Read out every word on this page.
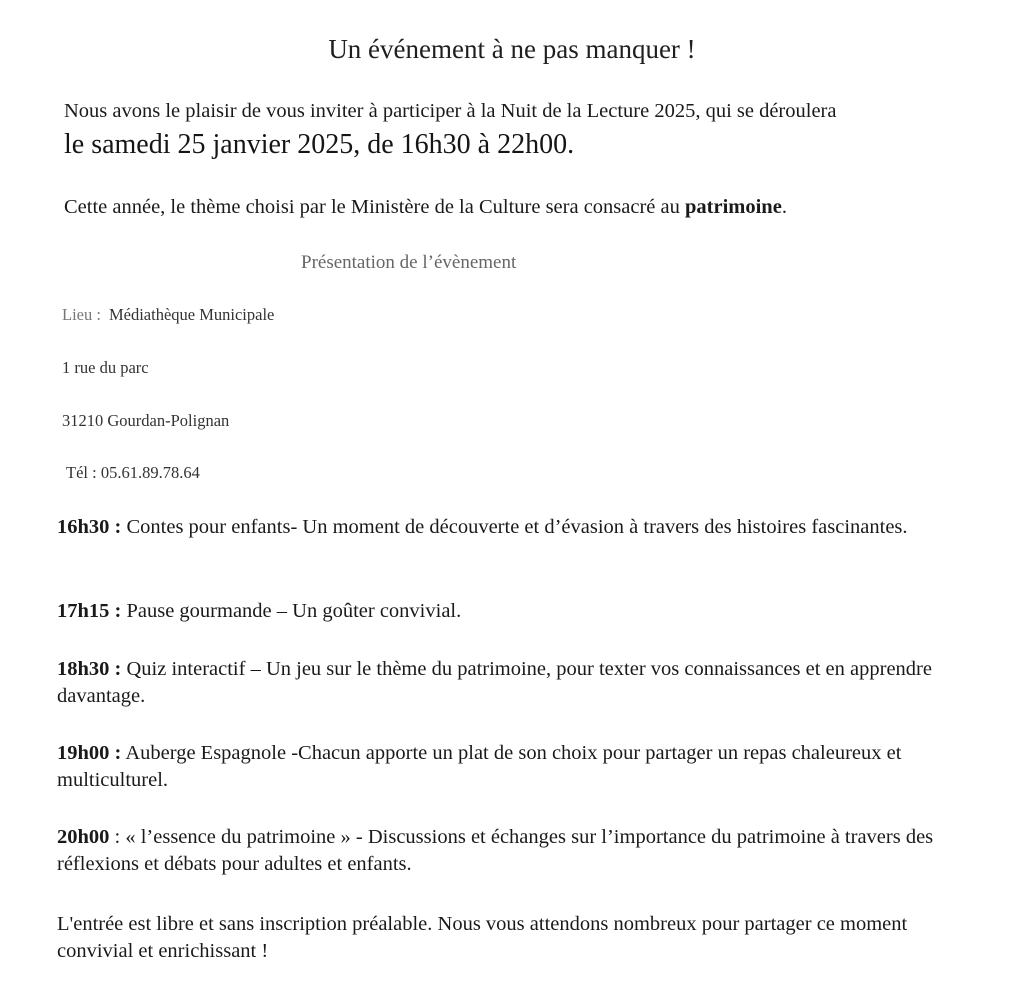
Un événement à ne pas manquer !
Nous avons le plaisir de vous inviter à participer à la Nuit de la Lecture 2025, qui se déroulera
le samedi 25 janvier 2025, de 16h30 à 22h00.
Cette année, le thème choisi par le Ministère de la Culture sera consacré au patrimoine.
Présentation de l’évènement
Lieu : Médiathèque Municipale
1 rue du parc
31210 Gourdan-Polignan
Tél : 05.61.89.78.64
16h30 : Contes pour enfants- Un moment de découverte et d’évasion à travers des histoires fascinantes.
17h15 : Pause gourmande – Un goûter convivial.
18h30 : Quiz interactif – Un jeu sur le thème du patrimoine, pour texter vos connaissances et en apprendre davantage.
19h00 : Auberge Espagnole -Chacun apporte un plat de son choix pour partager un repas chaleureux et multiculturel.
20h00 : « l’essence du patrimoine » - Discussions et échanges sur l’importance du patrimoine à travers des réflexions et débats pour adultes et enfants.
L'entrée est libre et sans inscription préalable. Nous vous attendons nombreux pour partager ce moment convivial et enrichissant !
